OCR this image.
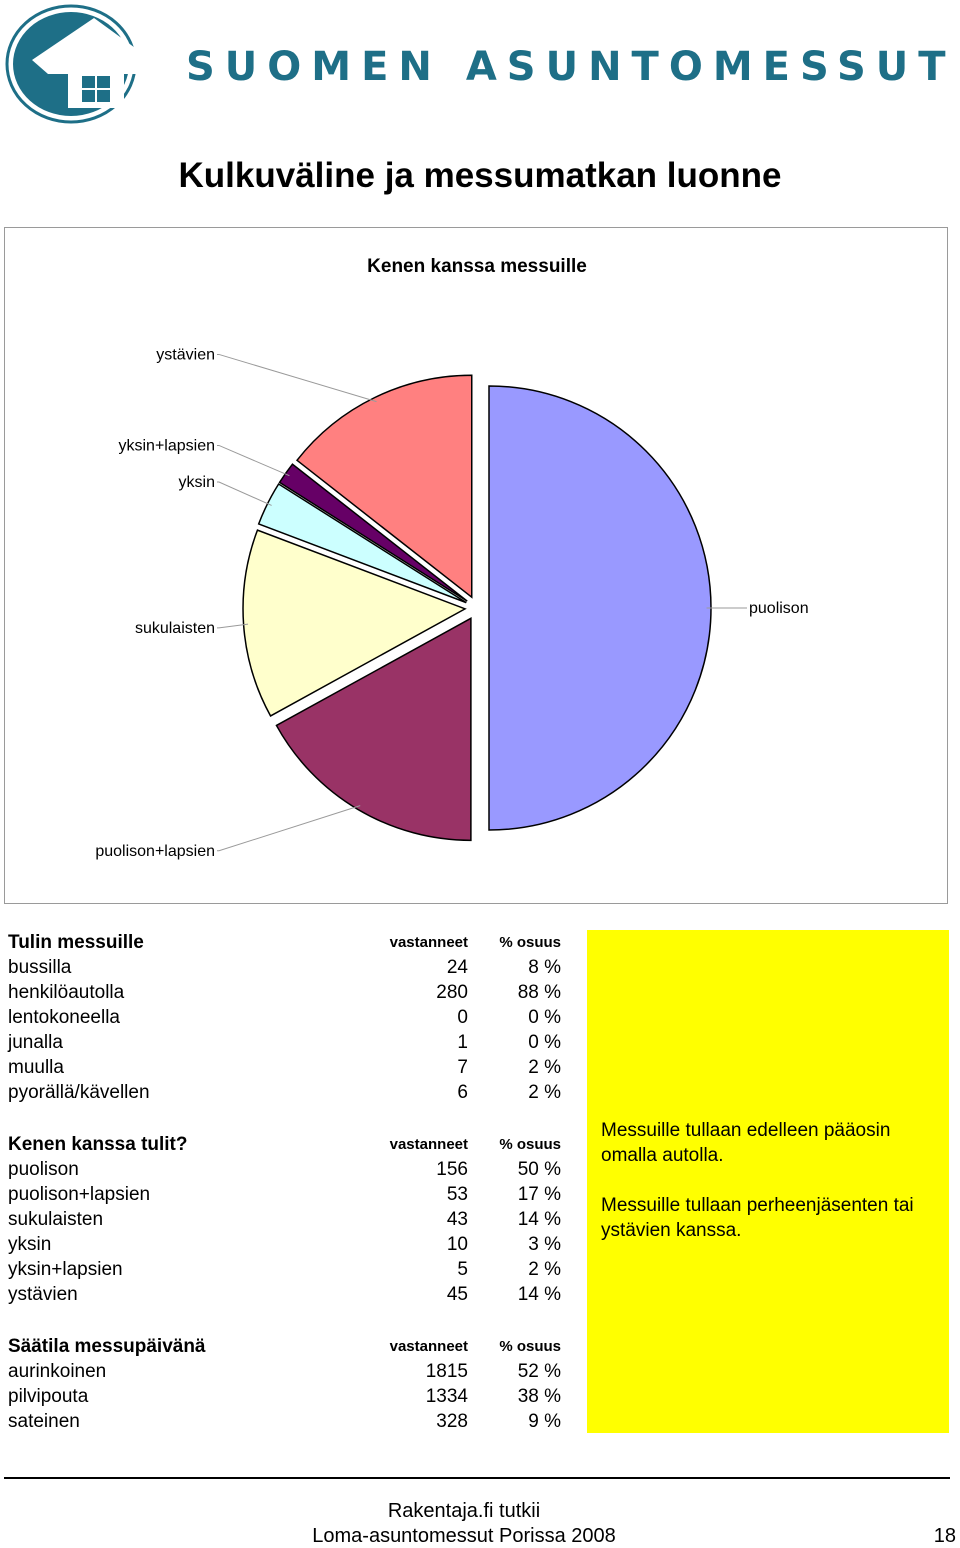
SUOMEN ASUNTOMESSUT
Kulkuväline ja messumatkan luonne
Kenen kanssa messuille
puolison
puolison+lapsien
sukulaisten
yksin
yksin+lapsien
ystävien
Tulin messuille	vastanneet % osuus
bussilla	24	8 %
henkilöautolla	280	88 %
lentokoneella	0	0 %
junalla	1	0 %
muulla	7	2 %
pyorällä/kävellen	6	2 %
Kenen kanssa tulit?	vastanneet % osuus
puolison	156	50 %
puolison+lapsien	53	17 %
sukulaisten	43	14 %
yksin	10	3 %
yksin+lapsien	5	2 %
ystävien	45	14 %
Säätila messupäivänä	vastanneet % osuus
aurinkoinen	1815	52 %
pilvipouta	1334	38 %
sateinen	328	9 %

Messuille tullaan edelleen pääosin omalla autolla.

Messuille tullaan perheenjäsenten tai ystävien kanssa.

Rakentaja.fi tutkii
Loma-asuntomessut Porissa 2008	18
